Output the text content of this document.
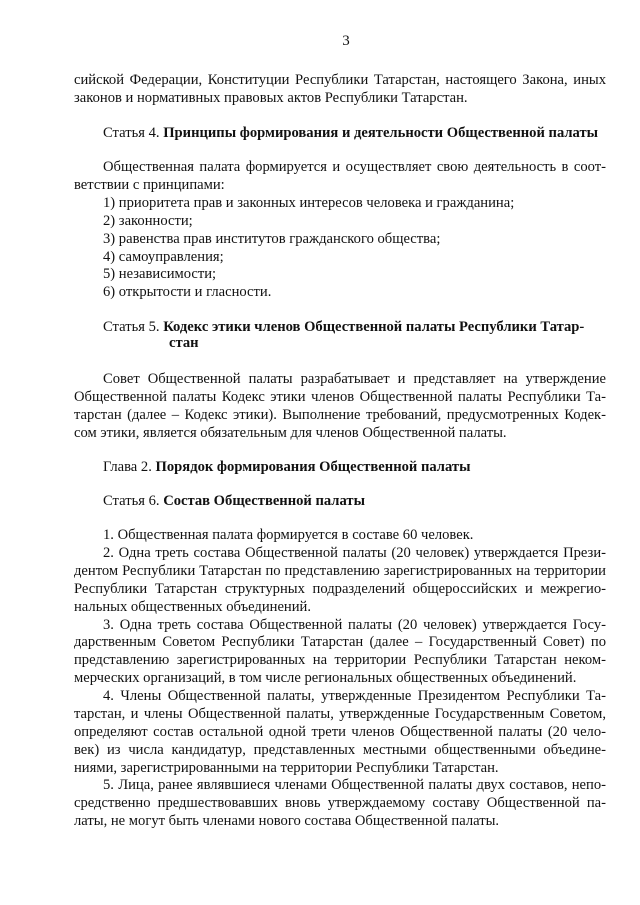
3
сийской Федерации, Конституции Республики Татарстан, настоящего Закона, иных
законов и нормативных правовых актов Республики Татарстан.
Статья 4. Принципы формирования и деятельности Общественной палаты
Общественная палата формируется и осуществляет свою деятельность в соот-
ветствии с принципами:
1) приоритета прав и законных интересов человека и гражданина;
2) законности;
3) равенства прав институтов гражданского общества;
4) самоуправления;
5) независимости;
6) открытости и гласности.
Статья 5. Кодекс этики членов Общественной палаты Республики Татар-
стан
Совет Общественной палаты разрабатывает и представляет на утверждение
Общественной палаты Кодекс этики членов Общественной палаты Республики Та-
тарстан (далее – Кодекс этики). Выполнение требований, предусмотренных Кодек-
сом этики, является обязательным для членов Общественной палаты.
Глава 2. Порядок формирования Общественной палаты
Статья 6. Состав Общественной палаты
1. Общественная палата формируется в составе 60 человек.
2. Одна треть состава Общественной палаты (20 человек) утверждается Прези-
дентом Республики Татарстан по представлению зарегистрированных на территории
Республики Татарстан структурных подразделений общероссийских и межрегио-
нальных общественных объединений.
3. Одна треть состава Общественной палаты (20 человек) утверждается Госу-
дарственным Советом Республики Татарстан (далее – Государственный Совет) по
представлению зарегистрированных на территории Республики Татарстан неком-
мерческих организаций, в том числе региональных общественных объединений.
4. Члены Общественной палаты, утвержденные Президентом Республики Та-
тарстан, и члены Общественной палаты, утвержденные Государственным Советом,
определяют состав остальной одной трети членов Общественной палаты (20 чело-
век) из числа кандидатур, представленных местными общественными объедине-
ниями, зарегистрированными на территории Республики Татарстан.
5. Лица, ранее являвшиеся членами Общественной палаты двух составов, непо-
средственно предшествовавших вновь утверждаемому составу Общественной па-
латы, не могут быть членами нового состава Общественной палаты.
